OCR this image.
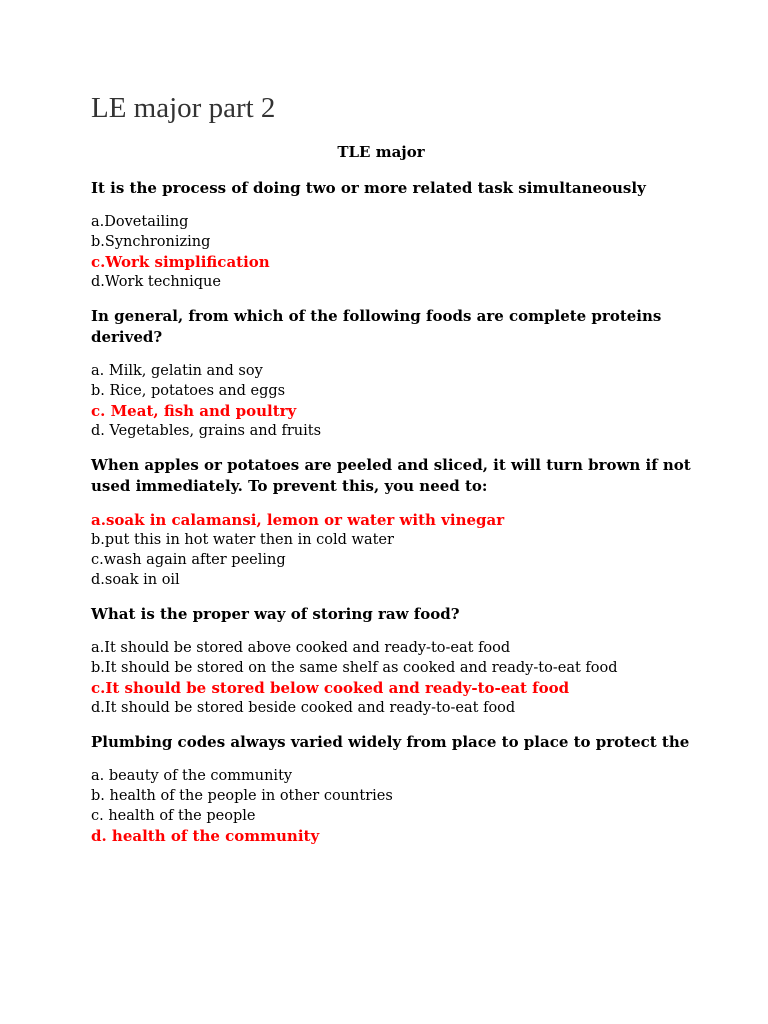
LE major part 2
TLE major

It is the process of doing two or more related task simultaneously

a.Dovetailing
b.Synchronizing
c.Work simplification
d.Work technique

In general, from which of the following foods are complete proteins derived?

a. Milk, gelatin and soy
b. Rice, potatoes and eggs
c. Meat, fish and poultry
d. Vegetables, grains and fruits

When apples or potatoes are peeled and sliced, it will turn brown if not used immediately. To prevent this, you need to:

a.soak in calamansi, lemon or water with vinegar
b.put this in hot water then in cold water
c.wash again after peeling
d.soak in oil

What is the proper way of storing raw food?

a.It should be stored above cooked and ready-to-eat food
b.It should be stored on the same shelf as cooked and ready-to-eat food
c.It should be stored below cooked and ready-to-eat food
d.It should be stored beside cooked and ready-to-eat food

Plumbing codes always varied widely from place to place to protect the

a. beauty of the community
b. health of the people in other countries
c. health of the people
d. health of the community
